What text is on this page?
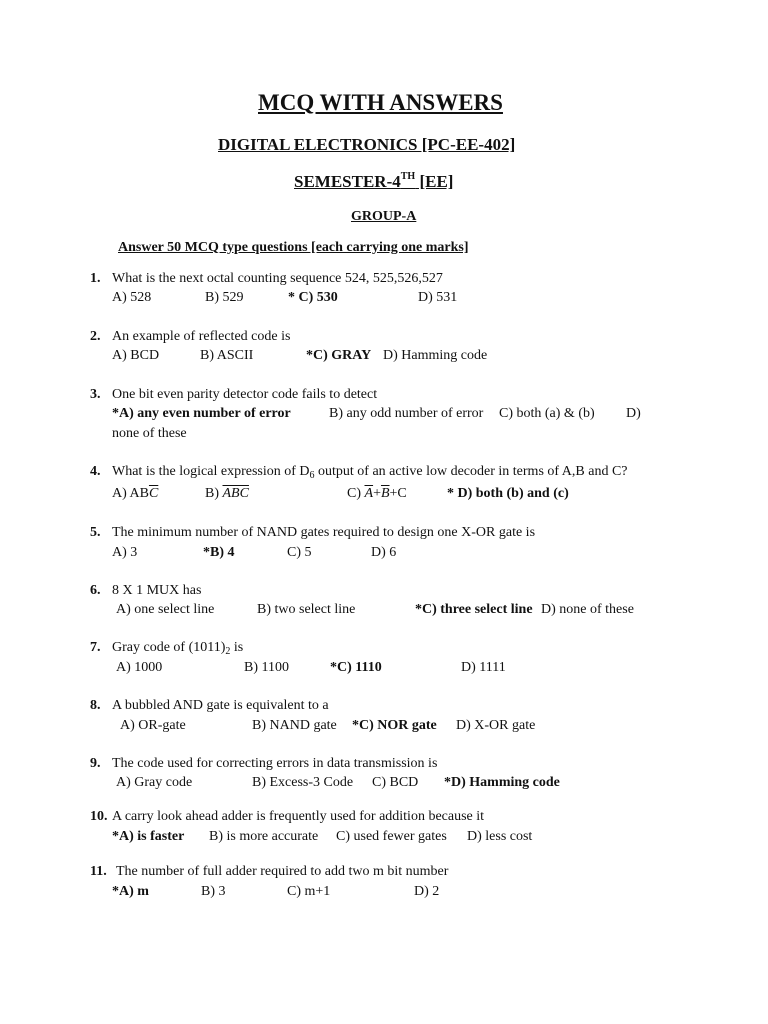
MCQ WITH ANSWERS
DIGITAL ELECTRONICS [PC-EE-402]
SEMESTER-4TH [EE]
GROUP-A
Answer 50 MCQ type questions [each carrying one marks]
1. What is the next octal counting sequence 524, 525,526,527
A) 528	B) 529	* C) 530	D) 531
2. An example of reflected code is
A) BCD	B) ASCII	*C) GRAY D) Hamming code
3. One bit even parity detector code fails to detect
*A) any even number of error	B) any odd number of error C) both (a) & (b) D)
none of these
4. What is the logical expression of $D_6$ output of an active low decoder in terms of A,B and C?
A) $AB\overline{C}$	B) $\overline{ABC}$	C) $\overline{A}+\overline{B}+C$	* D) both (b) and (c)
5. The minimum number of NAND gates required to design one X-OR gate is
A) 3	*B) 4	C) 5	D) 6
6. 8 X 1 MUX has
A) one select line	B) two select line	*C) three select line D) none of these
7. Gray code of $(1011)_2$ is
A) 1000	B) 1100	*C) 1110	D) 1111
8. A bubbled AND gate is equivalent to a
A) OR-gate	B) NAND gate *C) NOR gate D) X-OR gate
9. The code used for correcting errors in data transmission is
A) Gray code	B) Excess-3 Code C) BCD *D) Hamming code
10. A carry look ahead adder is frequently used for addition because it
*A) is faster B) is more accurate C) used fewer gates D) less cost
11. The number of full adder required to add two m bit number
*A) m	B) 3	C) m+1	D) 2
